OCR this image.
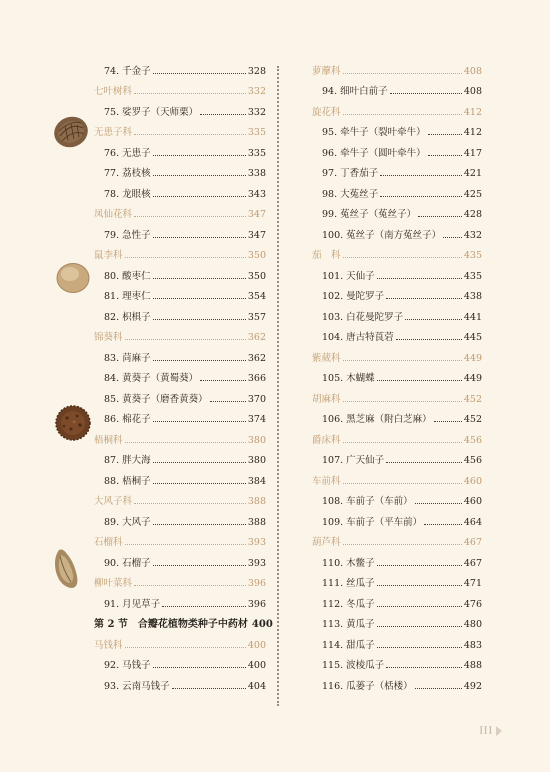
74. 千金子	328
七叶树科	332
75. 娑罗子（天师栗）	332
无患子科	335
76. 无患子	335
77. 荔枝核	338
78. 龙眼核	343
凤仙花科	347
79. 急性子	347
鼠李科	350
80. 酸枣仁	350
81. 理枣仁	354
82. 枳椇子	357
锦葵科	362
83. 苘麻子	362
84. 黄葵子（黄蜀葵）	366
85. 黄葵子（磨香黄葵）	370
86. 棉花子	374
梧桐科	380
87. 胖大海	380
88. 梧桐子	384
大风子科	388
89. 大风子	388
石榴科	393
90. 石榴子	393
柳叶菜科	396
91. 月见草子	396
第 2 节　合瓣花植物类种子中药材 400
马钱科	400
92. 马钱子	400
93. 云南马钱子	404
萝藦科	408
94. 细叶白前子	408
旋花科	412
95. 牵牛子（裂叶牵牛）	412
96. 牵牛子（圆叶牵牛）	417
97. 丁香茄子	421
98. 大菟丝子	425
99. 菟丝子（菟丝子）	428
100. 菟丝子（南方菟丝子） 432
茄　科	435
101. 天仙子	435
102. 曼陀罗子	438
103. 白花曼陀罗子	441
104. 唐古特莨菪	445
紫葳科	449
105. 木蝴蝶	449
胡麻科	452
106. 黑芝麻（附白芝麻）	452
爵床科	456
107. 广天仙子	456
车前科	460
108. 车前子（车前）	460
109. 车前子（平车前）	464
葫芦科	467
110. 木鳖子	467
111. 丝瓜子	471
112. 冬瓜子	476
113. 黄瓜子	480
114. 甜瓜子	483
115. 波棱瓜子	488
116. 瓜蒌子（栝楼）	492
III
